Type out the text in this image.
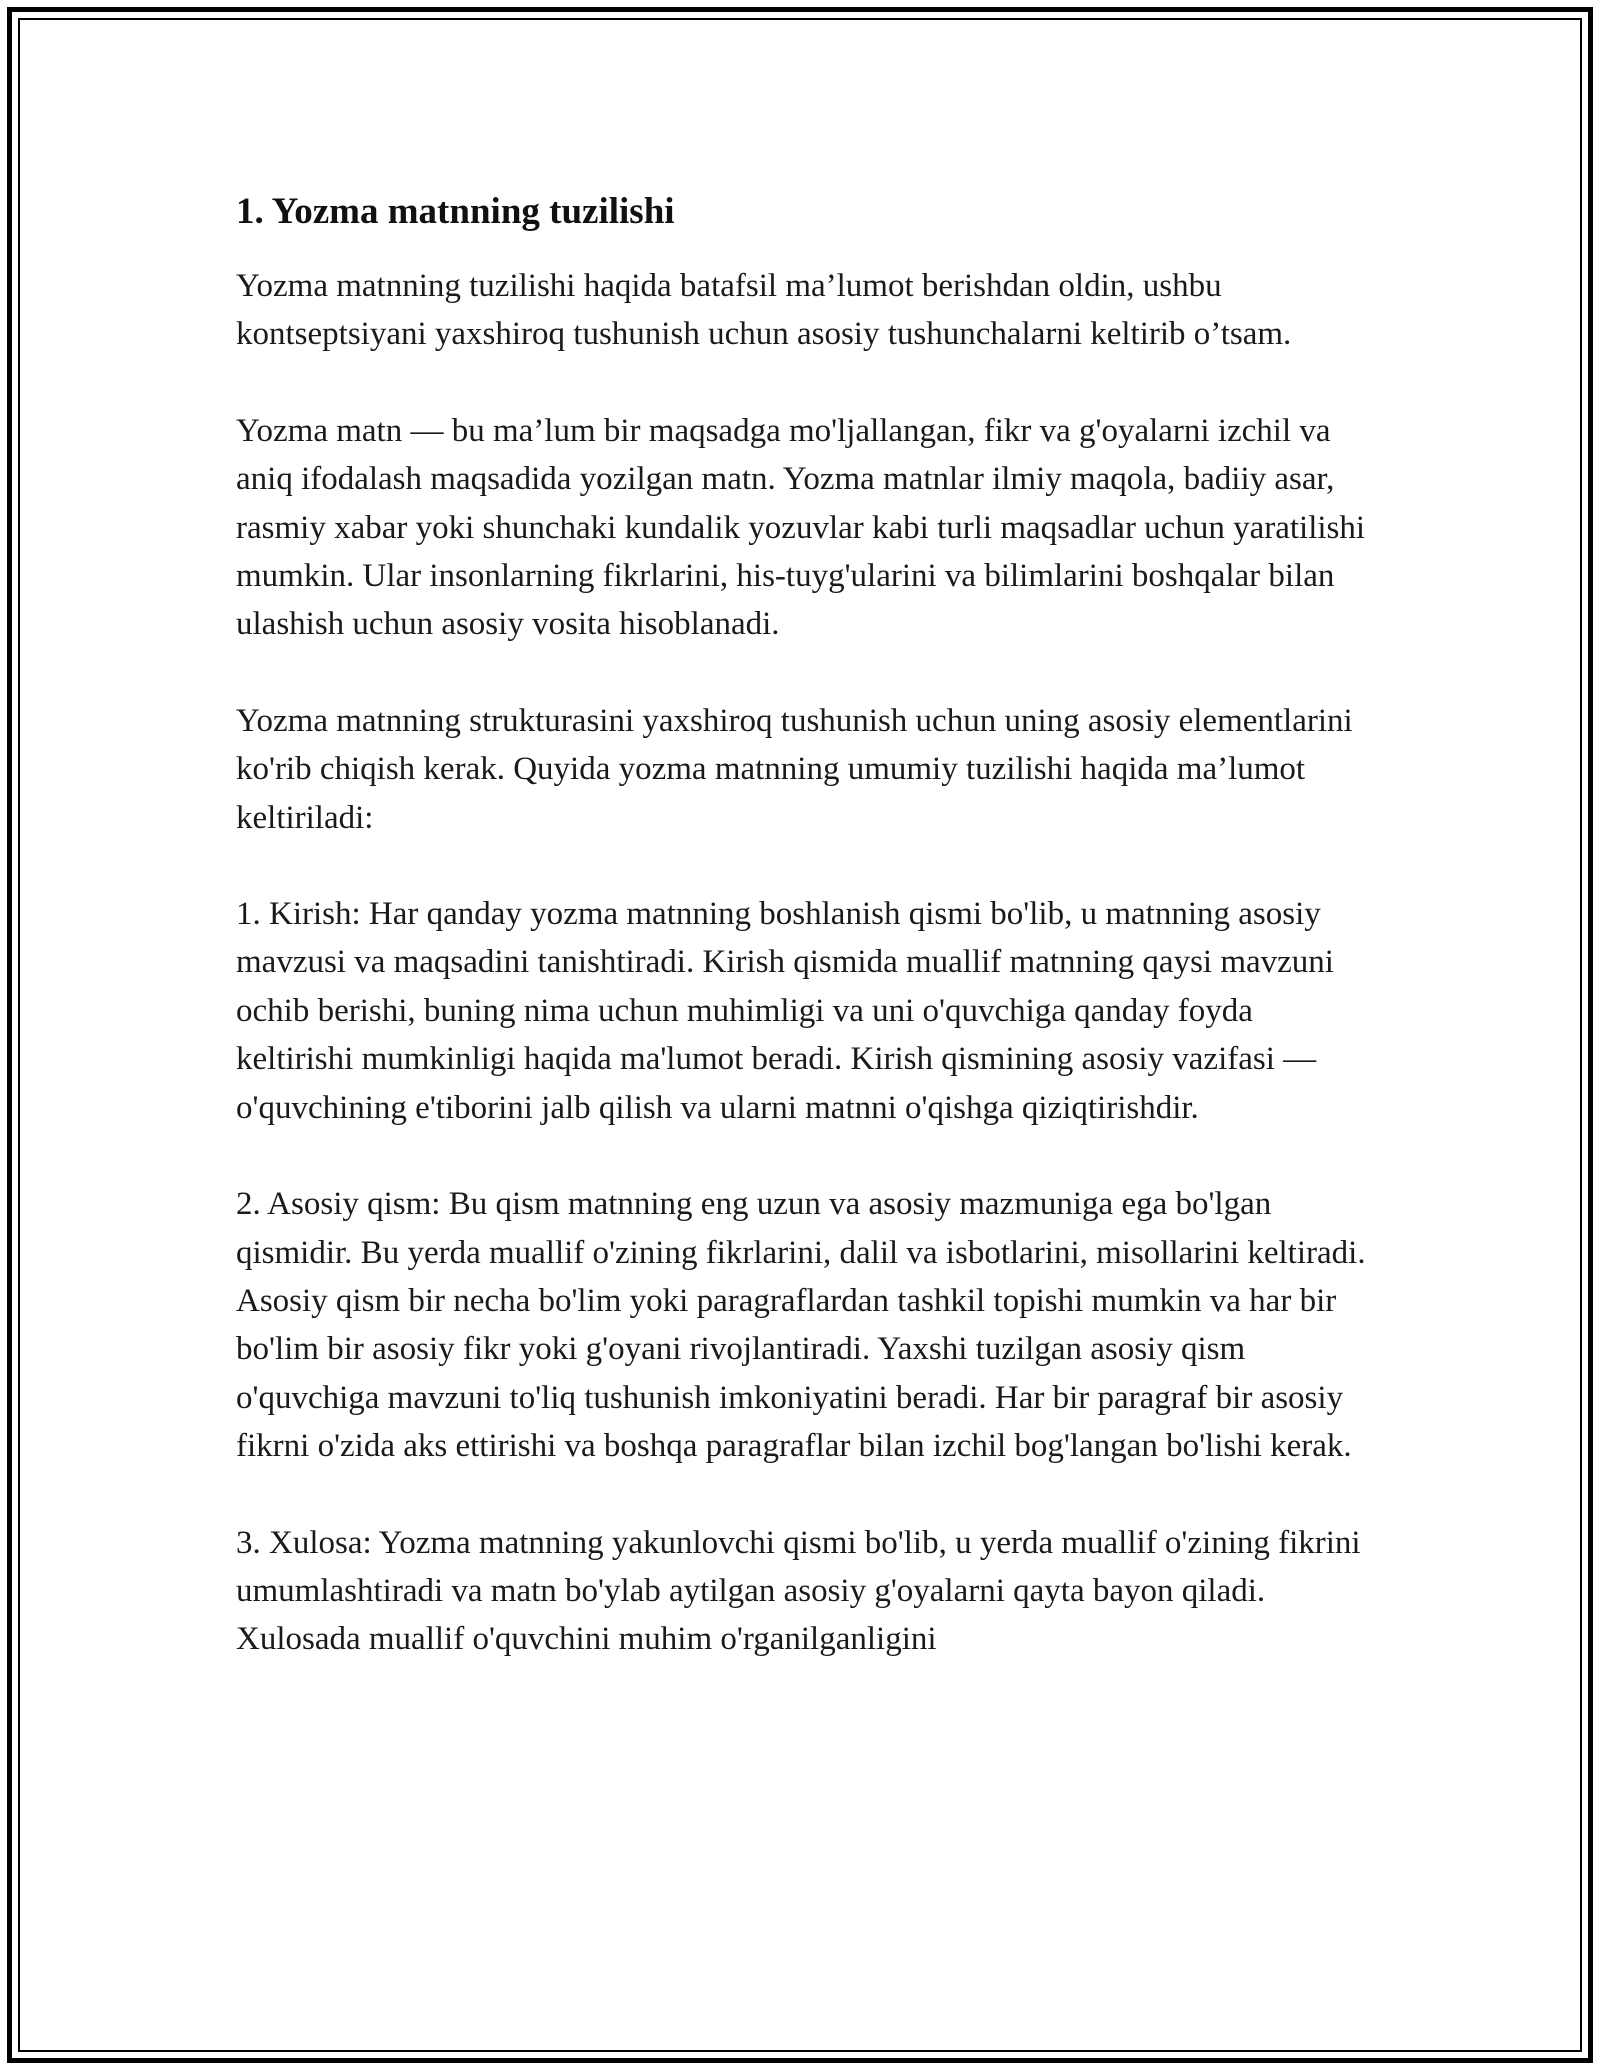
1. Yozma matnning tuzilishi

Yozma matnning tuzilishi haqida batafsil ma’lumot berishdan oldin, ushbu kontseptsiyani yaxshiroq tushunish uchun asosiy tushunchalarni keltirib o’tsam.

Yozma matn — bu ma’lum bir maqsadga mo'ljallangan, fikr va g'oyalarni izchil va aniq ifodalash maqsadida yozilgan matn. Yozma matnlar ilmiy maqola, badiiy asar, rasmiy xabar yoki shunchaki kundalik yozuvlar kabi turli maqsadlar uchun yaratilishi mumkin. Ular insonlarning fikrlarini, his-tuyg'ularini va bilimlarini boshqalar bilan ulashish uchun asosiy vosita hisoblanadi.

Yozma matnning strukturasini yaxshiroq tushunish uchun uning asosiy elementlarini ko'rib chiqish kerak. Quyida yozma matnning umumiy tuzilishi haqida ma’lumot keltiriladi:

1. Kirish: Har qanday yozma matnning boshlanish qismi bo'lib, u matnning asosiy mavzusi va maqsadini tanishtiradi. Kirish qismida muallif matnning qaysi mavzuni ochib berishi, buning nima uchun muhimligi va uni o'quvchiga qanday foyda keltirishi mumkinligi haqida ma'lumot beradi. Kirish qismining asosiy vazifasi — o'quvchining e'tiborini jalb qilish va ularni matnni o'qishga qiziqtirishdir.

2. Asosiy qism: Bu qism matnning eng uzun va asosiy mazmuniga ega bo'lgan qismidir. Bu yerda muallif o'zining fikrlarini, dalil va isbotlarini, misollarini keltiradi. Asosiy qism bir necha bo'lim yoki paragraflardan tashkil topishi mumkin va har bir bo'lim bir asosiy fikr yoki g'oyani rivojlantiradi. Yaxshi tuzilgan asosiy qism o'quvchiga mavzuni to'liq tushunish imkoniyatini beradi. Har bir paragraf bir asosiy fikrni o'zida aks ettirishi va boshqa paragraflar bilan izchil bog'langan bo'lishi kerak.

3. Xulosa: Yozma matnning yakunlovchi qismi bo'lib, u yerda muallif o'zining fikrini umumlashtiradi va matn bo'ylab aytilgan asosiy g'oyalarni qayta bayon qiladi. Xulosada muallif o'quvchini muhim o'rganilganligini
